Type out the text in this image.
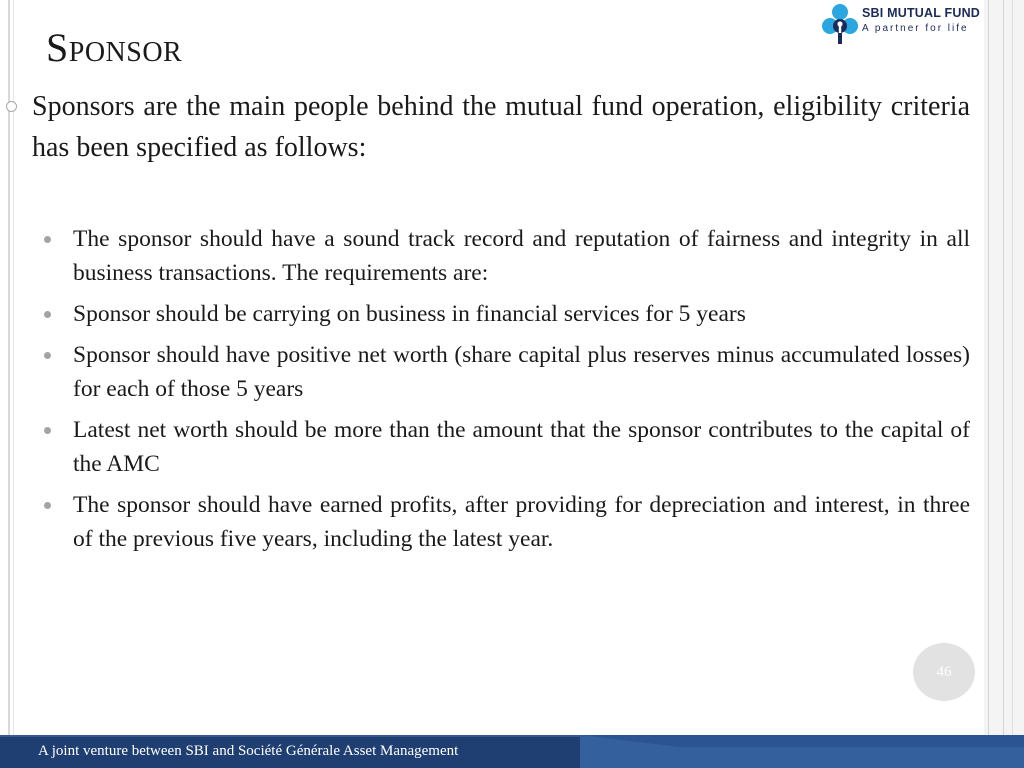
Sponsor
SBI MUTUAL FUND
A partner for life

Sponsors are the main people behind the mutual fund operation, eligibility criteria has been specified as follows:

The sponsor should have a sound track record and reputation of fairness and integrity in all business transactions. The requirements are:
Sponsor should be carrying on business in financial services for 5 years
Sponsor should have positive net worth (share capital plus reserves minus accumulated losses) for each of those 5 years
Latest net worth should be more than the amount that the sponsor contributes to the capital of the AMC
The sponsor should have earned profits, after providing for depreciation and interest, in three of the previous five years, including the latest year.
46
A joint venture between SBI and Société Générale Asset Management
